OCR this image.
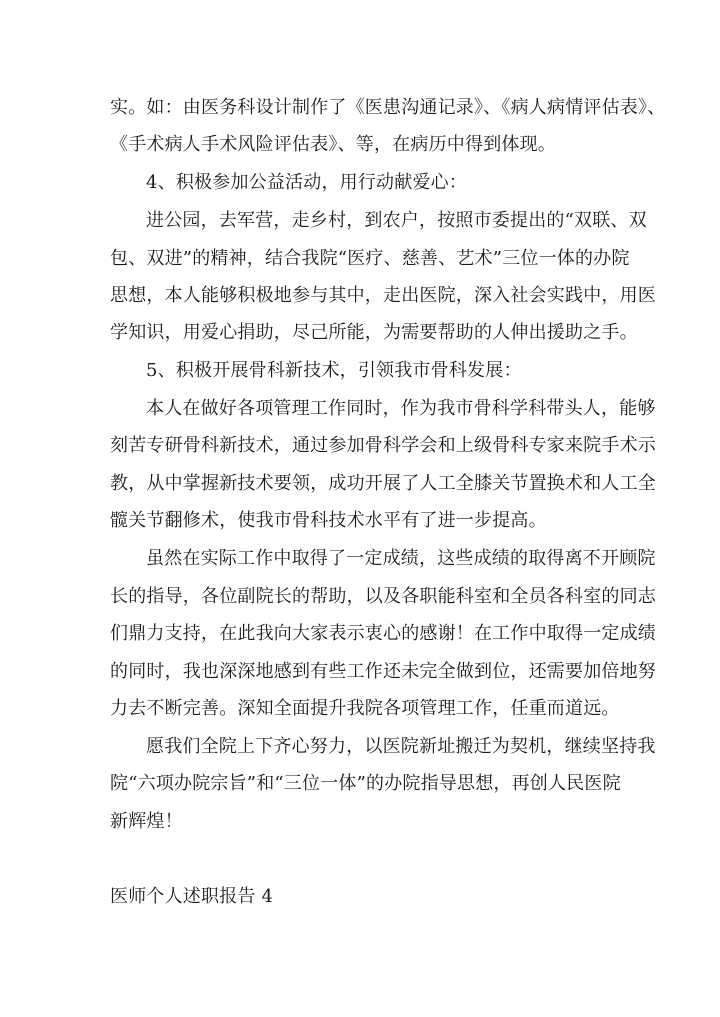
实。如：由医务科设计制作了《医患沟通记录》、《病人病情评估表》、
《手术病人手术风险评估表》、等，在病历中得到体现。
4、积极参加公益活动，用行动献爱心：
进公园，去军营，走乡村，到农户，按照市委提出的“双联、双
包、双进”的精神，结合我院“医疗、慈善、艺术”三位一体的办院
思想，本人能够积极地参与其中，走出医院，深入社会实践中，用医
学知识，用爱心捐助，尽己所能，为需要帮助的人伸出援助之手。
5、积极开展骨科新技术，引领我市骨科发展：
本人在做好各项管理工作同时，作为我市骨科学科带头人，能够
刻苦专研骨科新技术，通过参加骨科学会和上级骨科专家来院手术示
教，从中掌握新技术要领，成功开展了人工全膝关节置换术和人工全
髋关节翻修术，使我市骨科技术水平有了进一步提高。
虽然在实际工作中取得了一定成绩，这些成绩的取得离不开顾院
长的指导，各位副院长的帮助，以及各职能科室和全员各科室的同志
们鼎力支持，在此我向大家表示衷心的感谢！在工作中取得一定成绩
的同时，我也深深地感到有些工作还未完全做到位，还需要加倍地努
力去不断完善。深知全面提升我院各项管理工作，任重而道远。
愿我们全院上下齐心努力，以医院新址搬迁为契机，继续坚持我
院“六项办院宗旨”和“三位一体”的办院指导思想，再创人民医院
新辉煌！
医师个人述职报告 4
